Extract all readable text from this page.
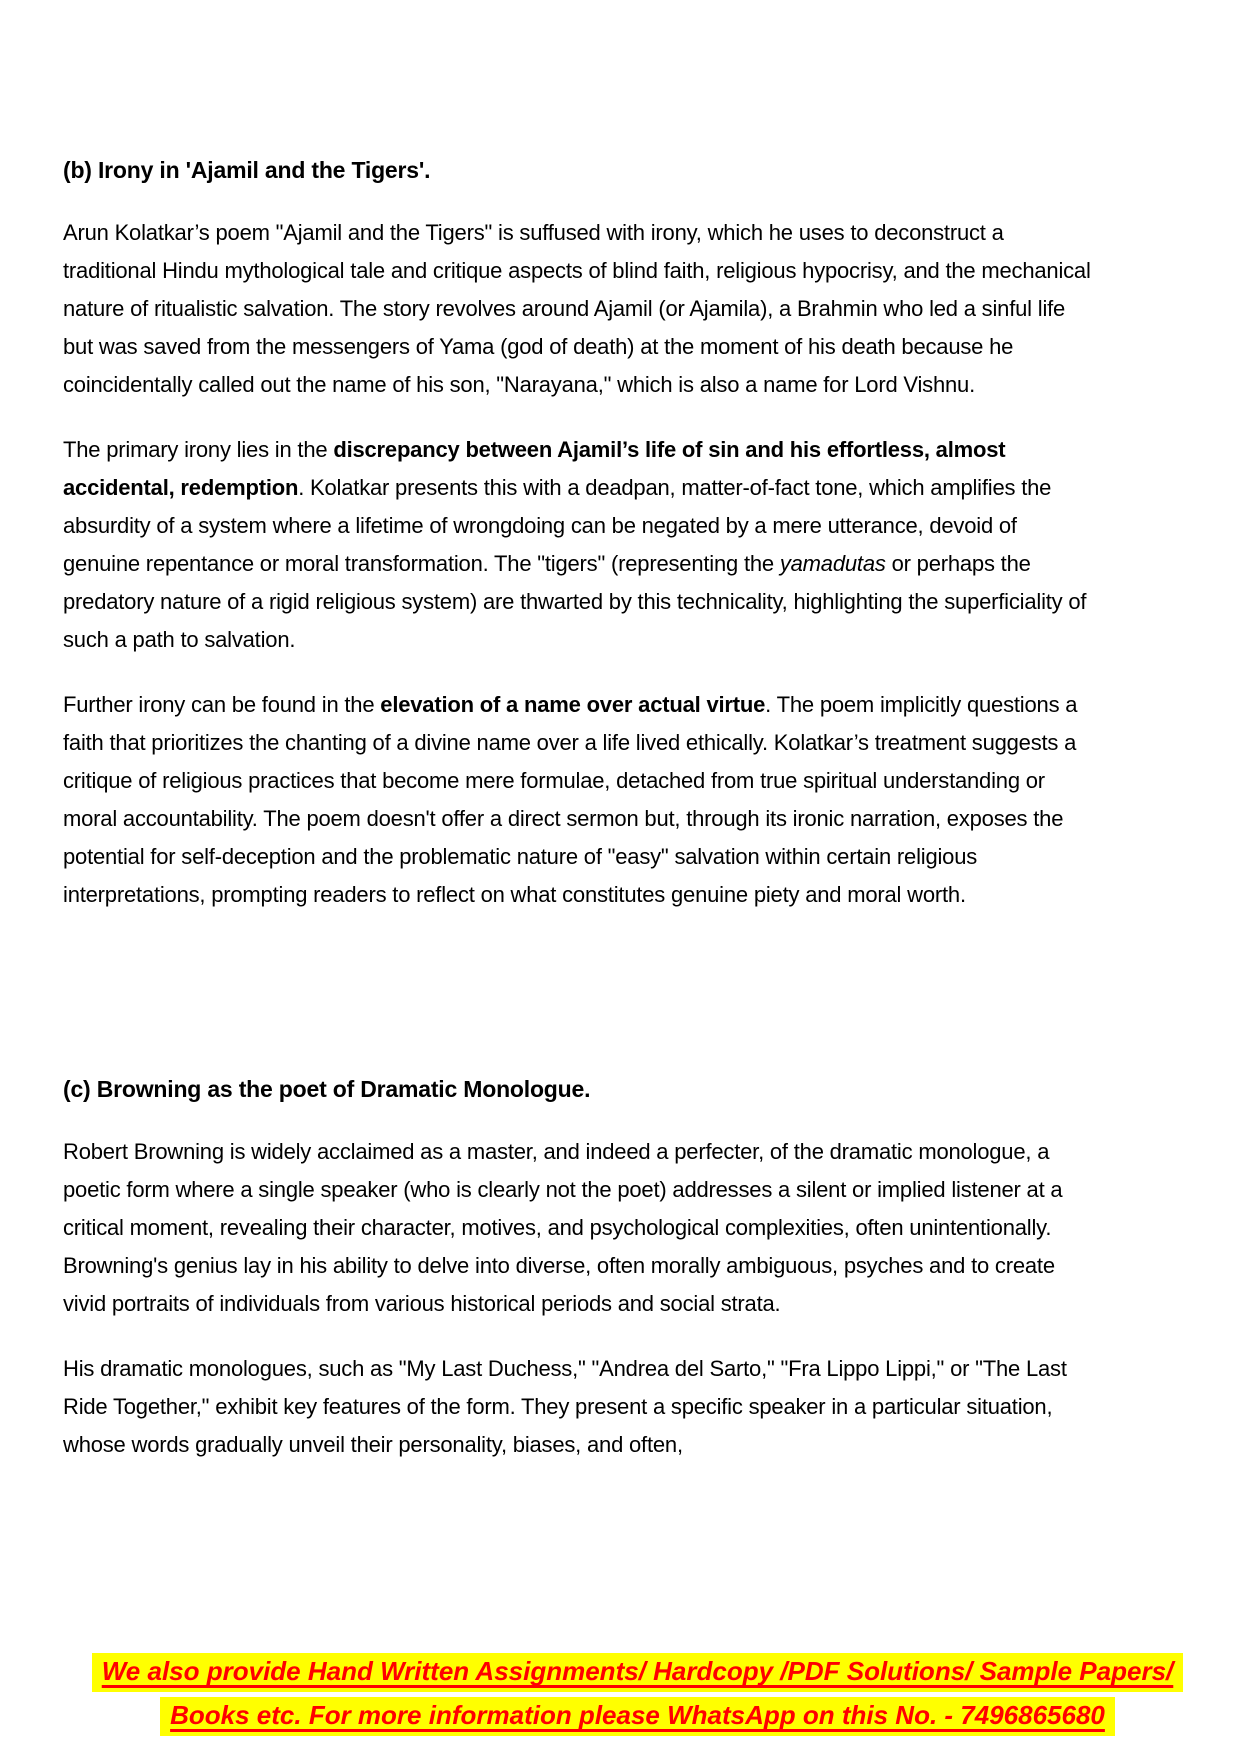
(b) Irony in 'Ajamil and the Tigers'.

Arun Kolatkar’s poem "Ajamil and the Tigers" is suffused with irony, which he uses to deconstruct a traditional Hindu mythological tale and critique aspects of blind faith, religious hypocrisy, and the mechanical nature of ritualistic salvation. The story revolves around Ajamil (or Ajamila), a Brahmin who led a sinful life but was saved from the messengers of Yama (god of death) at the moment of his death because he coincidentally called out the name of his son, "Narayana," which is also a name for Lord Vishnu.

The primary irony lies in the discrepancy between Ajamil’s life of sin and his effortless, almost accidental, redemption. Kolatkar presents this with a deadpan, matter-of-fact tone, which amplifies the absurdity of a system where a lifetime of wrongdoing can be negated by a mere utterance, devoid of genuine repentance or moral transformation. The "tigers" (representing the yamadutas or perhaps the predatory nature of a rigid religious system) are thwarted by this technicality, highlighting the superficiality of such a path to salvation.

Further irony can be found in the elevation of a name over actual virtue. The poem implicitly questions a faith that prioritizes the chanting of a divine name over a life lived ethically. Kolatkar’s treatment suggests a critique of religious practices that become mere formulae, detached from true spiritual understanding or moral accountability. The poem doesn't offer a direct sermon but, through its ironic narration, exposes the potential for self-deception and the problematic nature of "easy" salvation within certain religious interpretations, prompting readers to reflect on what constitutes genuine piety and moral worth.

(c) Browning as the poet of Dramatic Monologue.

Robert Browning is widely acclaimed as a master, and indeed a perfecter, of the dramatic monologue, a poetic form where a single speaker (who is clearly not the poet) addresses a silent or implied listener at a critical moment, revealing their character, motives, and psychological complexities, often unintentionally. Browning's genius lay in his ability to delve into diverse, often morally ambiguous, psyches and to create vivid portraits of individuals from various historical periods and social strata.

His dramatic monologues, such as "My Last Duchess," "Andrea del Sarto," "Fra Lippo Lippi," or "The Last Ride Together," exhibit key features of the form. They present a specific speaker in a particular situation, whose words gradually unveil their personality, biases, and often,

We also provide Hand Written Assignments/ Hardcopy /PDF Solutions/ Sample Papers/

Books etc. For more information please WhatsApp on this No. - 7496865680
